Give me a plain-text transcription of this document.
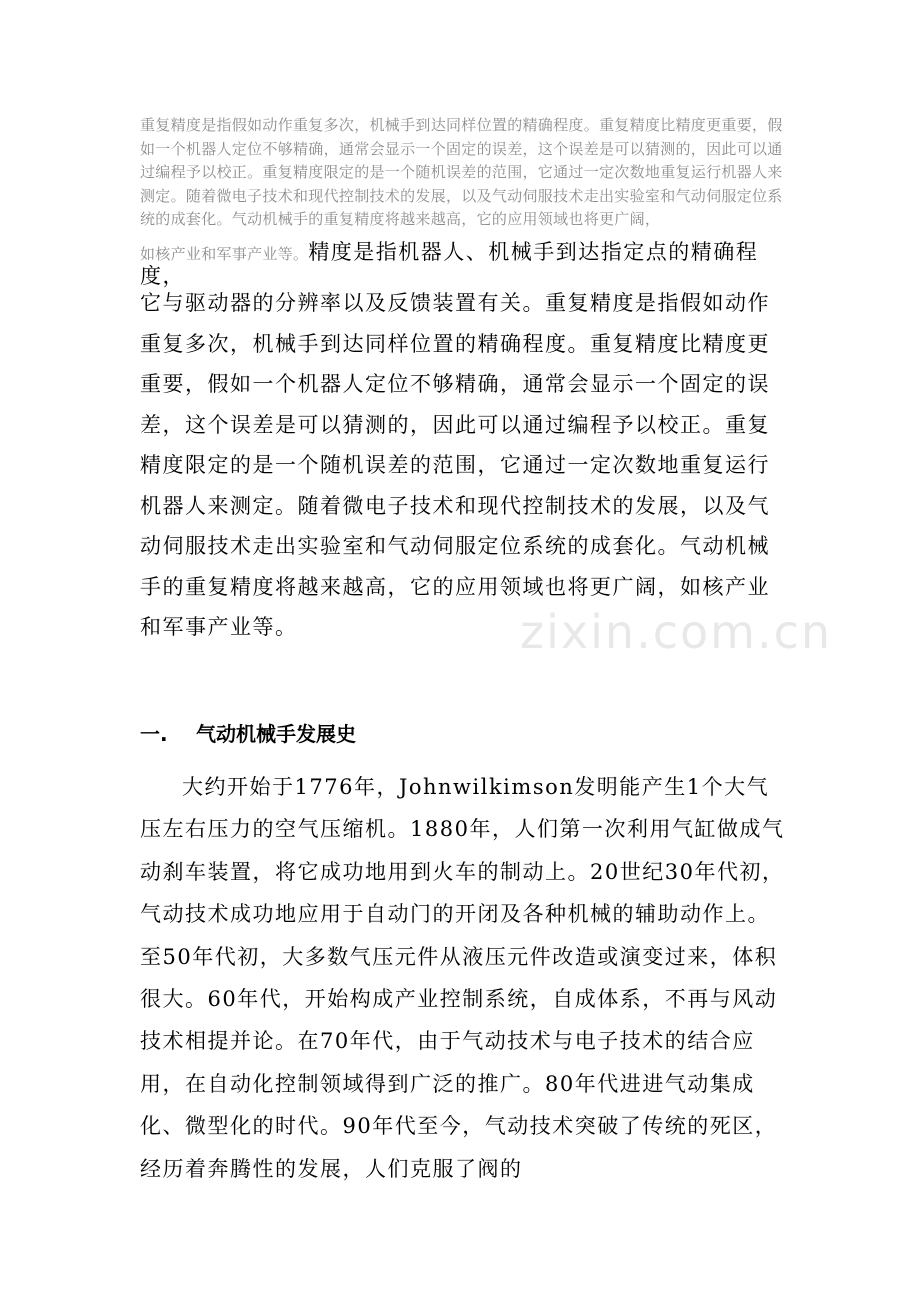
重复精度是指假如动作重复多次，机械手到达同样位置的精确程度。重复精度比精度更重要，假如一个机器人定位不够精确，通常会显示一个固定的误差，这个误差是可以猜测的，因此可以通过编程予以校正。重复精度限定的是一个随机误差的范围，它通过一定次数地重复运行机器人来测定。随着微电子技术和现代控制技术的发展，以及气动伺服技术走出实验室和气动伺服定位系统的成套化。气动机械手的重复精度将越来越高，它的应用领域也将更广阔，
如核产业和军事产业等。精度是指机器人、机械手到达指定点的精确程度，

它与驱动器的分辨率以及反馈装置有关。重复精度是指假如动作重复多次，机械手到达同样位置的精确程度。重复精度比精度更重要，假如一个机器人定位不够精确，通常会显示一个固定的误差，这个误差是可以猜测的，因此可以通过编程予以校正。重复精度限定的是一个随机误差的范围，它通过一定次数地重复运行机器人来测定。随着微电子技术和现代控制技术的发展，以及气动伺服技术走出实验室和气动伺服定位系统的成套化。气动机械手的重复精度将越来越高，它的应用领域也将更广阔，如核产业和军事产业等。	zixin.com.cn
一. 气动机械手发展史

大约开始于1776年，Johnwilkimson发明能产生1个大气压左右压力的空气压缩机。1880年，人们第一次利用气缸做成气动刹车装置，将它成功地用到火车的制动上。20世纪30年代初，气动技术成功地应用于自动门的开闭及各种机械的辅助动作上。至50年代初，大多数气压元件从液压元件改造或演变过来，体积很大。60年代，开始构成产业控制系统，自成体系，不再与风动技术相提并论。在70年代，由于气动技术与电子技术的结合应用，在自动化控制领域得到广泛的推广。80年代进进气动集成化、微型化的时代。90年代至今，气动技术突破了传统的死区，经历着奔腾性的发展，人们克服了阀的
